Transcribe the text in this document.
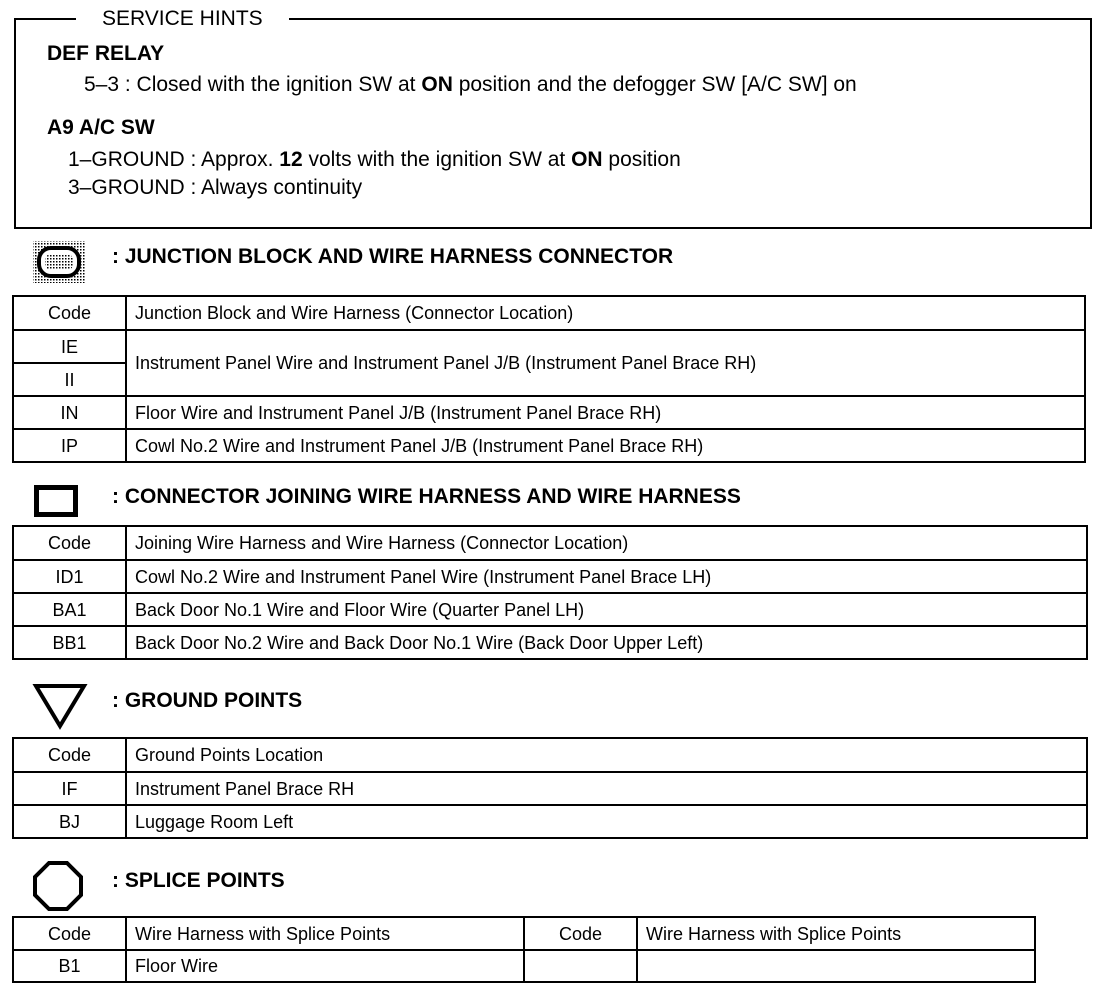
SERVICE HINTS
DEF RELAY
5–3 : Closed with the ignition SW at ON position and the defogger SW [A/C SW] on
A9 A/C SW
1–GROUND : Approx. 12 volts with the ignition SW at ON position
3–GROUND : Always continuity
: JUNCTION BLOCK AND WIRE HARNESS CONNECTOR
Code	Junction Block and Wire Harness (Connector Location)
IE	Instrument Panel Wire and Instrument Panel J/B (Instrument Panel Brace RH)
II	
IN	Floor Wire and Instrument Panel J/B (Instrument Panel Brace RH)
IP	Cowl No.2 Wire and Instrument Panel J/B (Instrument Panel Brace RH)
: CONNECTOR JOINING WIRE HARNESS AND WIRE HARNESS
Code	Joining Wire Harness and Wire Harness (Connector Location)
ID1	Cowl No.2 Wire and Instrument Panel Wire (Instrument Panel Brace LH)
BA1	Back Door No.1 Wire and Floor Wire (Quarter Panel LH)
BB1	Back Door No.2 Wire and Back Door No.1 Wire (Back Door Upper Left)
: GROUND POINTS
Code	Ground Points Location
IF	Instrument Panel Brace RH
BJ	Luggage Room Left
: SPLICE POINTS
Code	Wire Harness with Splice Points	Code	Wire Harness with Splice Points
B1	Floor Wire		
